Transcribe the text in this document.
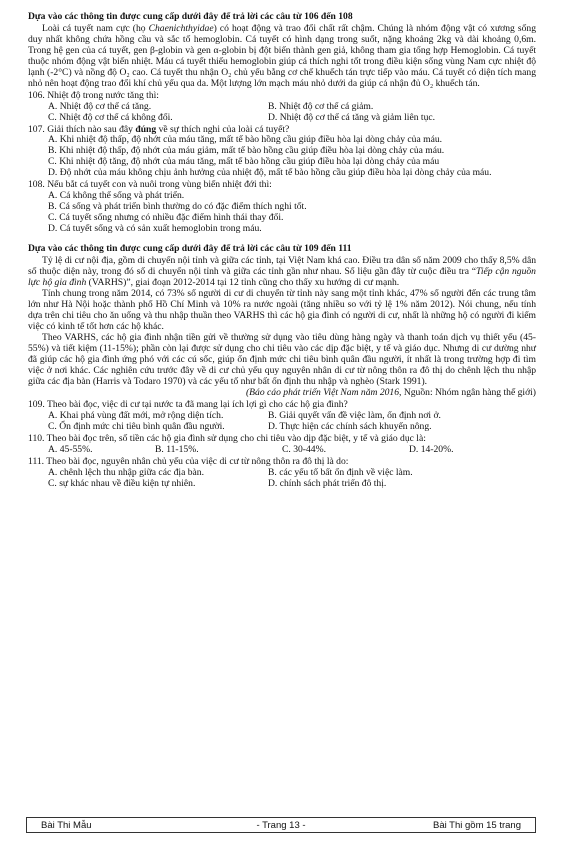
Dựa vào các thông tin được cung cấp dưới đây để trả lời các câu từ 106 đến 108

Loài cá tuyết nam cực (họ Chaenichthyidae) có hoạt động và trao đổi chất rất chậm. Chúng là nhóm động vật có xương sống duy nhất không chứa hồng cầu và sắc tố hemoglobin. Cá tuyết có hình dạng trong suốt, nặng khoảng 2kg và dài khoảng 0,6m. Trong hệ gen của cá tuyết, gen β-globin và gen α-globin bị đột biến thành gen giả, không tham gia tổng hợp Hemoglobin. Cá tuyết thuộc nhóm động vật biến nhiệt. Máu cá tuyết thiếu hemoglobin giúp cá thích nghi tốt trong điều kiện sống vùng Nam cực nhiệt độ lạnh (-2°C) và nồng độ O₂ cao. Cá tuyết thu nhận O₂ chủ yếu bằng cơ chế khuếch tán trực tiếp vào máu. Cá tuyết có diện tích mang nhỏ nên hoạt động trao đổi khí chủ yếu qua da. Một lượng lớn mạch máu nhỏ dưới da giúp cá nhận đủ O₂ khuếch tán.

106. Nhiệt độ trong nước tăng thì:
A. Nhiệt độ cơ thể cá tăng.	B. Nhiệt độ cơ thể cá giảm.
C. Nhiệt độ cơ thể cá không đổi.	D. Nhiệt độ cơ thể cá tăng và giảm liên tục.
107. Giải thích nào sau đây đúng về sự thích nghi của loài cá tuyết?
A. Khi nhiệt độ thấp, độ nhớt của máu tăng, mất tế bào hồng cầu giúp điều hòa lại dòng chảy của máu.
B. Khi nhiệt độ thấp, độ nhớt của máu giảm, mất tế bào hồng cầu giúp điều hòa lại dòng chảy của máu.
C. Khi nhiệt độ tăng, độ nhớt của máu tăng, mất tế bào hồng cầu giúp điều hòa lại dòng chảy của máu
D. Độ nhớt của máu không chịu ảnh hưởng của nhiệt độ, mất tế bào hồng cầu giúp điều hòa lại dòng chảy của máu.
108. Nếu bắt cá tuyết con và nuôi trong vùng biến nhiệt đới thì:
A. Cá không thể sống và phát triển.
B. Cá sống và phát triển bình thường do có đặc điểm thích nghi tốt.
C. Cá tuyết sống nhưng có nhiều đặc điểm hình thái thay đổi.
D. Cá tuyết sống và có sản xuất hemoglobin trong máu.
Dựa vào các thông tin được cung cấp dưới đây để trả lời các câu từ 109 đến 111

Tỷ lệ di cư nội địa, gồm di chuyển nội tỉnh và giữa các tỉnh, tại Việt Nam khá cao. Điều tra dân số năm 2009 cho thấy 8,5% dân số thuộc diện này, trong đó số di chuyển nội tỉnh và giữa các tỉnh gần như nhau. Số liệu gần đây từ cuộc điều tra “Tiếp cận nguồn lực hộ gia đình (VARHS)”, giai đoạn 2012-2014 tại 12 tỉnh cũng cho thấy xu hướng di cư mạnh.

Tính chung trong năm 2014, có 73% số người di cư di chuyển từ tỉnh này sang một tỉnh khác, 47% số người đến các trung tâm lớn như Hà Nội hoặc thành phố Hồ Chí Minh và 10% ra nước ngoài (tăng nhiều so với tỷ lệ 1% năm 2012). Nói chung, nếu tính dựa trên chi tiêu cho ăn uống và thu nhập thuần theo VARHS thì các hộ gia đình có người di cư, nhất là những hộ có người đi kiếm việc có kinh tế tốt hơn các hộ khác.

Theo VARHS, các hộ gia đình nhận tiền gửi về thường sử dụng vào tiêu dùng hàng ngày và thanh toán dịch vụ thiết yếu (45-55%) và tiết kiệm (11-15%); phần còn lại được sử dụng cho chi tiêu vào các dịp đặc biệt, y tế và giáo dục. Nhưng di cư dường như đã giúp các hộ gia đình ứng phó với các cú sốc, giúp ổn định mức chi tiêu bình quân đầu người, ít nhất là trong trường hợp đi tìm việc ở nơi khác. Các nghiên cứu trước đây về di cư chủ yếu quy nguyên nhân di cư từ nông thôn ra đô thị do chênh lệch thu nhập giữa các địa bàn (Harris và Todaro 1970) và các yếu tố như bất ổn định thu nhập và nghèo (Stark 1991).

(Báo cáo phát triển Việt Nam năm 2016, Nguồn: Nhóm ngân hàng thế giới)
109. Theo bài đọc, việc di cư tại nước ta đã mang lại ích lợi gì cho các hộ gia đình?
A. Khai phá vùng đất mới, mở rộng diện tích.	B. Giải quyết vấn đề việc làm, ổn định nơi ở.
C. Ổn định mức chi tiêu bình quân đầu người.	D. Thực hiện các chính sách khuyến nông.
110. Theo bài đọc trên, số tiền các hộ gia đình sử dụng cho chi tiêu vào dịp đặc biệt, y tế và giáo dục là:
A. 45-55%.	B. 11-15%.	C. 30-44%.	D. 14-20%.
111. Theo bài đọc, nguyên nhân chủ yếu của việc di cư từ nông thôn ra đô thị là do:
A. chênh lệch thu nhập giữa các địa bàn.	B. các yếu tố bất ổn định về việc làm.
C. sự khác nhau về điều kiện tự nhiên.	D. chính sách phát triển đô thị.
Bài Thi Mẫu	- Trang 13 -	Bài Thi gồm 15 trang
